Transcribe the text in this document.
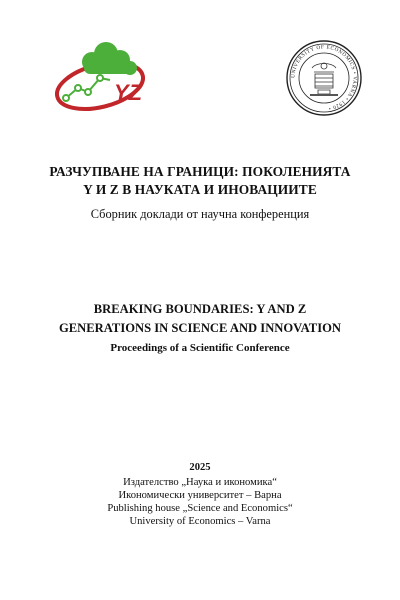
YZ
UNIVERSITY OF ECONOMICS • VARNA • 1920 •
РАЗЧУПВАНЕ НА ГРАНИЦИ: ПОКОЛЕНИЯТА
Y И Z В НАУКАТА И ИНОВАЦИИТЕ
Сборник доклади от научна конференция
BREAKING BOUNDARIES: Y AND Z
GENERATIONS IN SCIENCE AND INNOVATION
Proceedings of a Scientific Conference
2025
Издателство „Наука и икономика“
Икономически университет – Варна
Publishing house „Science and Economics“
University of Economics – Varna
